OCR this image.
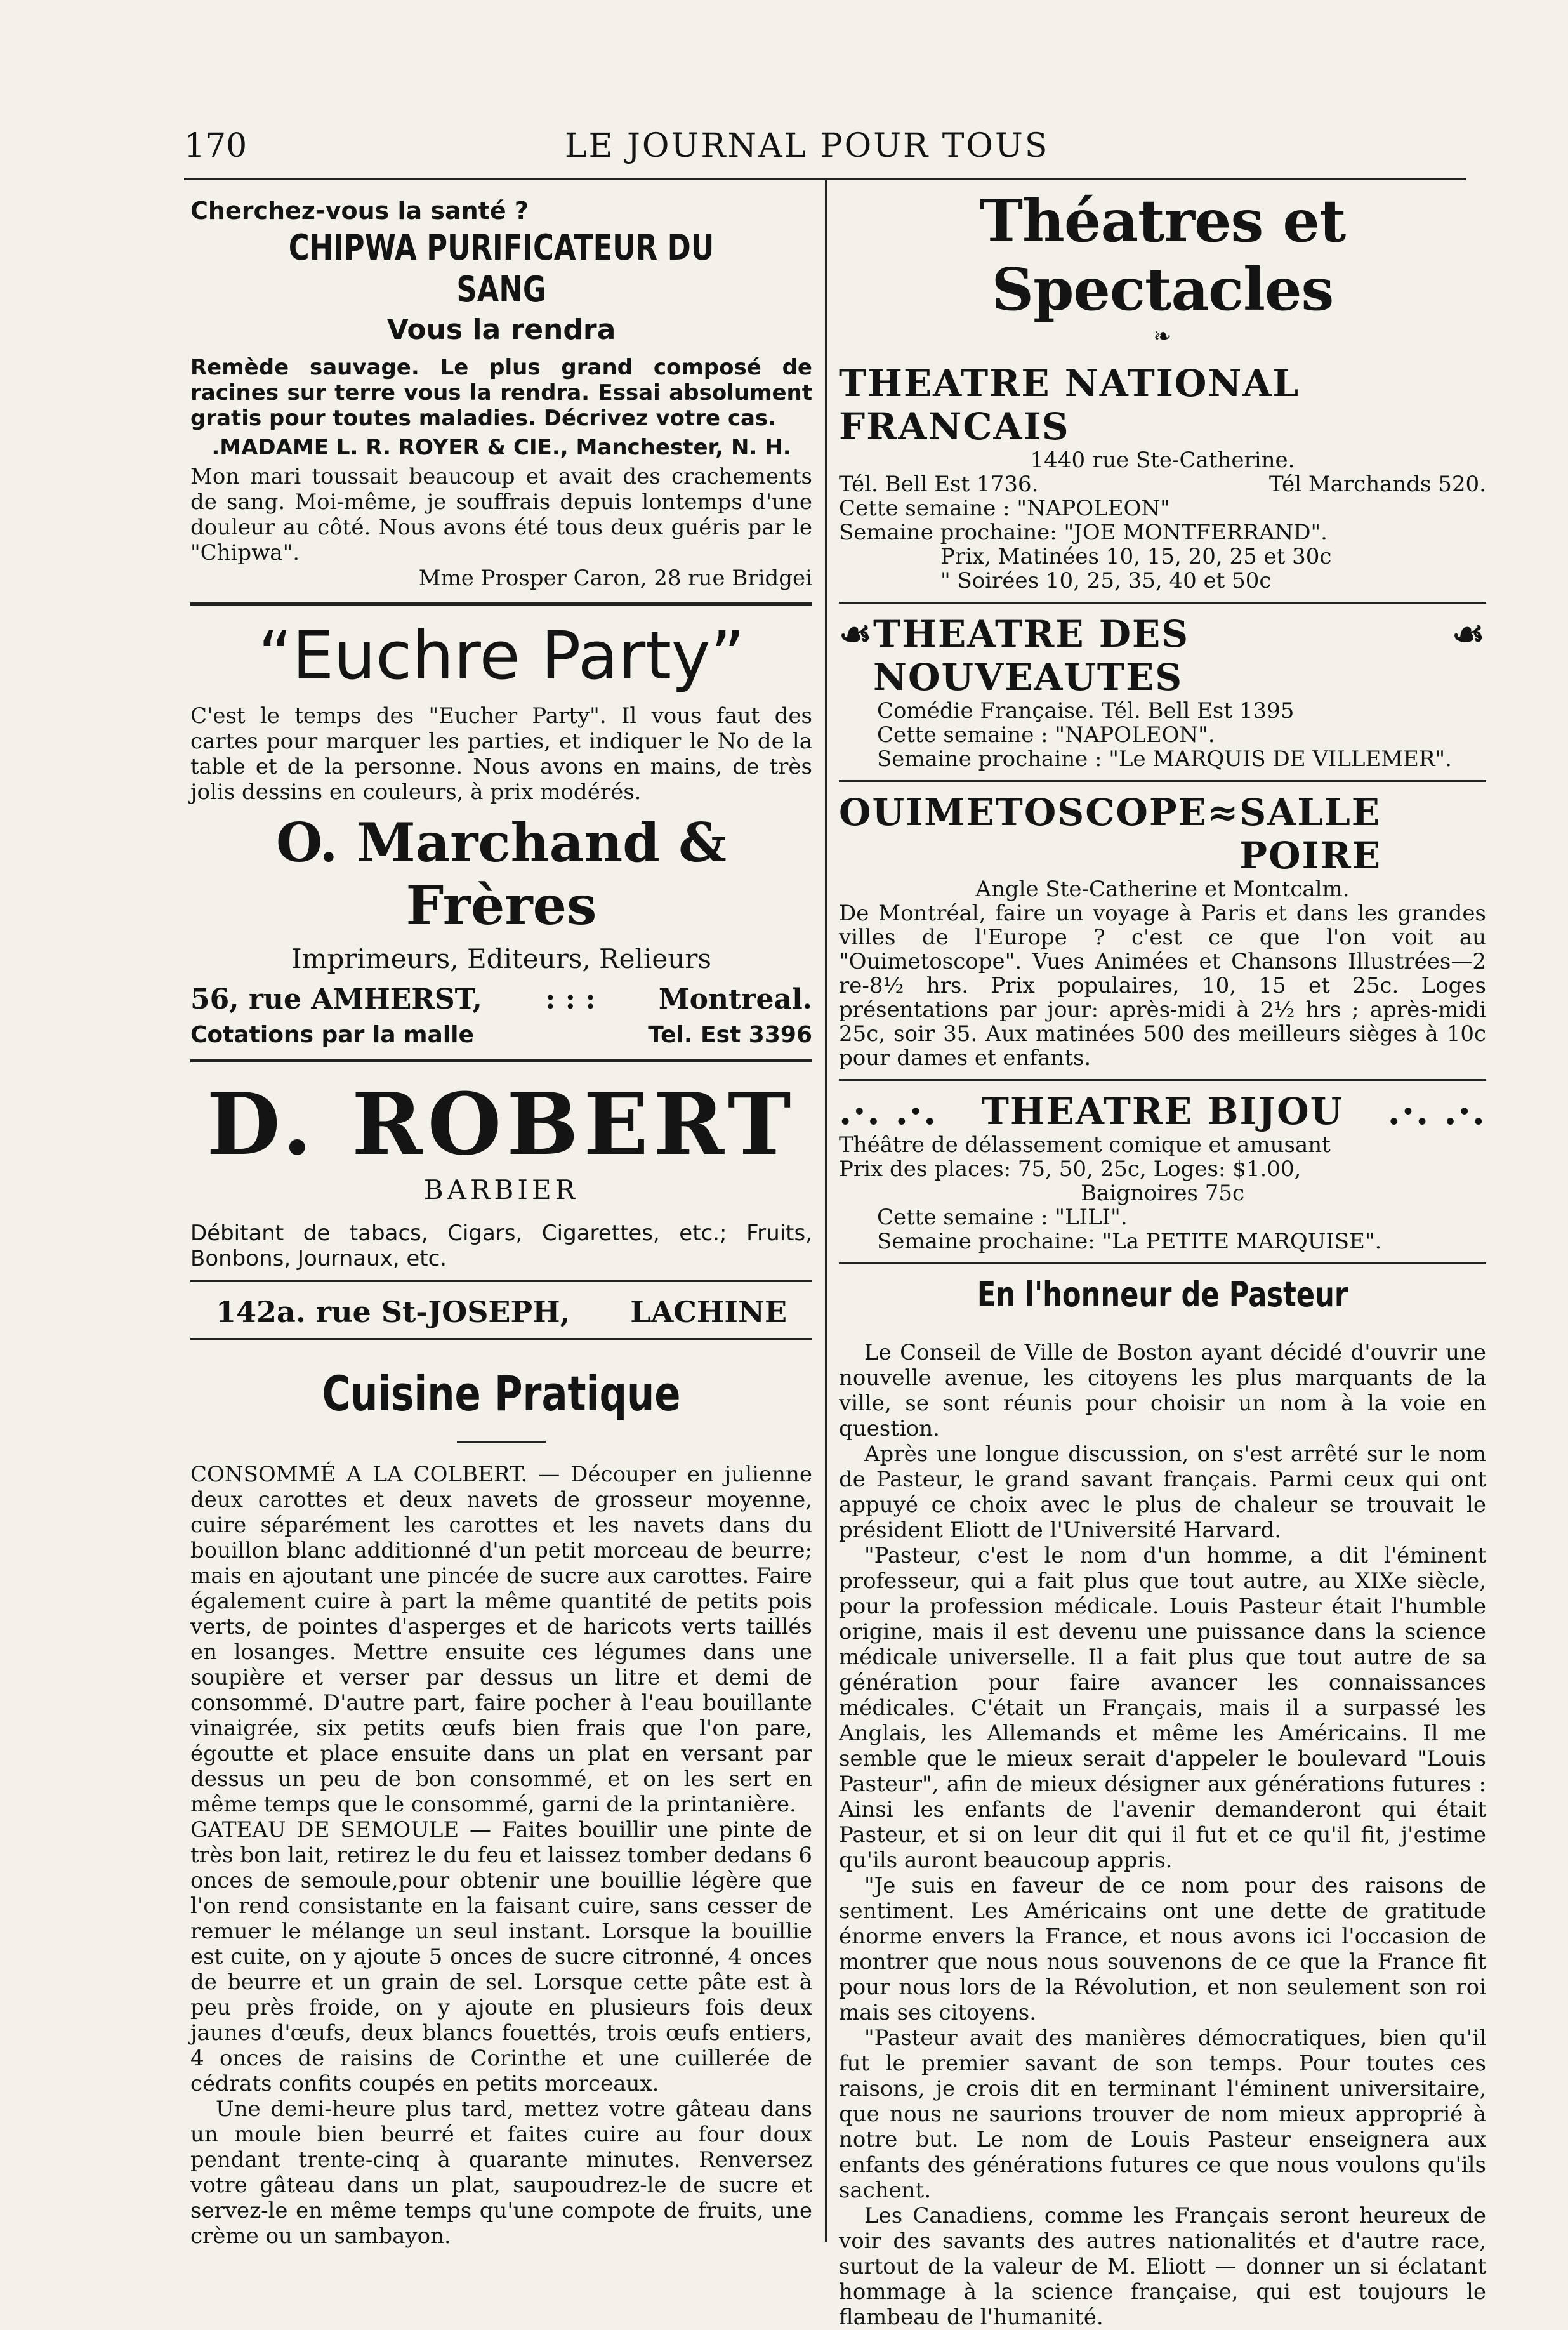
170	LE JOURNAL POUR TOUS

Cherchez-vous la santé ?

CHIPWA PURIFICATEUR DU SANG

Vous la rendra

Remède sauvage. Le plus grand composé de racines sur terre vous la rendra. Essai absolument gratis pour toutes maladies. Décrivez votre cas.

.MADAME L. R. ROYER & CIE., Manchester, N. H.

Mon mari toussait beaucoup et avait des crachements de sang. Moi-même, je souffrais depuis lontemps d'une douleur au côté. Nous avons été tous deux guéris par le "Chipwa".

Mme Prosper Caron, 28 rue Bridgei

“Euchre Party”

C'est le temps des "Eucher Party". Il vous faut des cartes pour marquer les parties, et indiquer le No de la table et de la personne. Nous avons en mains, de très jolis dessins en couleurs, à prix modérés.

O. Marchand & Frères

Imprimeurs, Editeurs, Relieurs

56, rue AMHERST, : : : Montreal.
Cotations par la malle	Tel. Est 3396

D. ROBERT

BARBIER

Débitant de tabacs, Cigars, Cigarettes, etc.; Fruits, Bonbons, Journaux, etc.

142a. rue St-JOSEPH, LACHINE
Cuisine Pratique

CONSOMMÉ A LA COLBERT. — Découper en julienne deux carottes et deux navets de grosseur moyenne, cuire séparément les carottes et les navets dans du bouillon blanc additionné d'un petit morceau de beurre; mais en ajoutant une pincée de sucre aux carottes. Faire également cuire à part la même quantité de petits pois verts, de pointes d'asperges et de haricots verts taillés en losanges. Mettre ensuite ces légumes dans une soupière et verser par dessus un litre et demi de consommé. D'autre part, faire pocher à l'eau bouillante vinaigrée, six petits œufs bien frais que l'on pare, égoutte et place ensuite dans un plat en versant par dessus un peu de bon consommé, et on les sert en même temps que le consommé, garni de la printanière.

GATEAU DE SEMOULE — Faites bouillir une pinte de très bon lait, retirez le du feu et laissez tomber dedans 6 onces de semoule,pour obtenir une bouillie légère que l'on rend consistante en la faisant cuire, sans cesser de remuer le mélange un seul instant. Lorsque la bouillie est cuite, on y ajoute 5 onces de sucre citronné, 4 onces de beurre et un grain de sel. Lorsque cette pâte est à peu près froide, on y ajoute en plusieurs fois deux jaunes d'œufs, deux blancs fouettés, trois œufs entiers, 4 onces de raisins de Corinthe et une cuillerée de cédrats confits coupés en petits morceaux.

Une demi-heure plus tard, mettez votre gâteau dans un moule bien beurré et faites cuire au four doux pendant trente-cinq à quarante minutes. Renversez votre gâteau dans un plat, saupoudrez-le de sucre et servez-le en même temps qu'une compote de fruits, une crème ou un sambayon.

Théatres et Spectacles

❧

THEATRE NATIONAL FRANCAIS

1440 rue Ste-Catherine.

Tél. Bell Est 1736.	Tél Marchands 520.

Cette semaine : "NAPOLEON"

Semaine prochaine: "JOE MONTFERRAND".

Prix, Matinées 10, 15, 20, 25 et 30c

" Soirées 10, 25, 35, 40 et 50c

☙ THEATRE DES NOUVEAUTES
☙

Comédie Française. Tél. Bell Est 1395

Cette semaine : "NAPOLEON".

Semaine prochaine : "Le MARQUIS DE VILLEMER".

OUIMETOSCOPE ≈ SALLE POIRE

Angle Ste-Catherine et Montcalm.

De Montréal, faire un voyage à Paris et dans les grandes villes de l'Europe ? c'est ce que l'on voit au "Ouimetoscope". Vues Animées et Chansons Illustrées—2 re-8½ hrs. Prix populaires, 10, 15 et 25c. Loges présentations par jour: après-midi à 2½ hrs ; après-midi 25c, soir 35. Aux matinées 500 des meilleurs sièges à 10c pour dames et enfants.

.·. .·. THEATRE BIJOU .·. .·.

Théâtre de délassement comique et amusant

Prix des places: 75, 50, 25c, Loges: $1.00,

Baignoires 75c

Cette semaine : "LILI".

Semaine prochaine: "La PETITE MARQUISE".

En l'honneur de Pasteur

Le Conseil de Ville de Boston ayant décidé d'ouvrir une nouvelle avenue, les citoyens les plus marquants de la ville, se sont réunis pour choisir un nom à la voie en question.

Après une longue discussion, on s'est arrêté sur le nom de Pasteur, le grand savant français. Parmi ceux qui ont appuyé ce choix avec le plus de chaleur se trouvait le président Eliott de l'Université Harvard.

"Pasteur, c'est le nom d'un homme, a dit l'éminent professeur, qui a fait plus que tout autre, au XIXe siècle, pour la profession médicale. Louis Pasteur était l'humble origine, mais il est devenu une puissance dans la science médicale universelle. Il a fait plus que tout autre de sa génération pour faire avancer les connaissances médicales. C'était un Français, mais il a surpassé les Anglais, les Allemands et même les Américains. Il me semble que le mieux serait d'appeler le boulevard "Louis Pasteur", afin de mieux désigner aux générations futures : Ainsi les enfants de l'avenir demanderont qui était Pasteur, et si on leur dit qui il fut et ce qu'il fit, j'estime qu'ils auront beaucoup appris.

"Je suis en faveur de ce nom pour des raisons de sentiment. Les Américains ont une dette de gratitude énorme envers la France, et nous avons ici l'occasion de montrer que nous nous souvenons de ce que la France fit pour nous lors de la Révolution, et non seulement son roi mais ses citoyens.

"Pasteur avait des manières démocratiques, bien qu'il fut le premier savant de son temps. Pour toutes ces raisons, je crois dit en terminant l'éminent universitaire, que nous ne saurions trouver de nom mieux approprié à notre but. Le nom de Louis Pasteur enseignera aux enfants des générations futures ce que nous voulons qu'ils sachent.

Les Canadiens, comme les Français seront heureux de voir des savants des autres nationalités et d'autre race, surtout de la valeur de M. Eliott — donner un si éclatant hommage à la science française, qui est toujours le flambeau de l'humanité.
